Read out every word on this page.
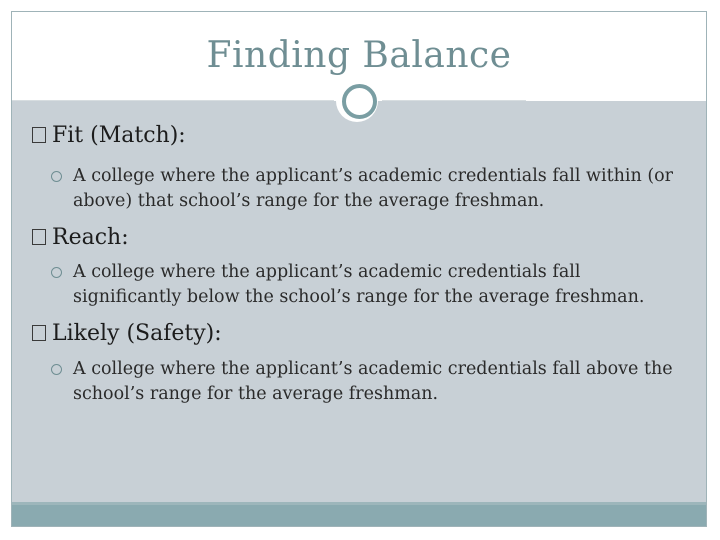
Finding Balance
Fit (Match):
A college where the applicant’s academic credentials fall within (or above) that school’s range for the average freshman.
Reach:
A college where the applicant’s academic credentials fall significantly below the school’s range for the average freshman.
Likely (Safety):
A college where the applicant’s academic credentials fall above the school’s range for the average freshman.
